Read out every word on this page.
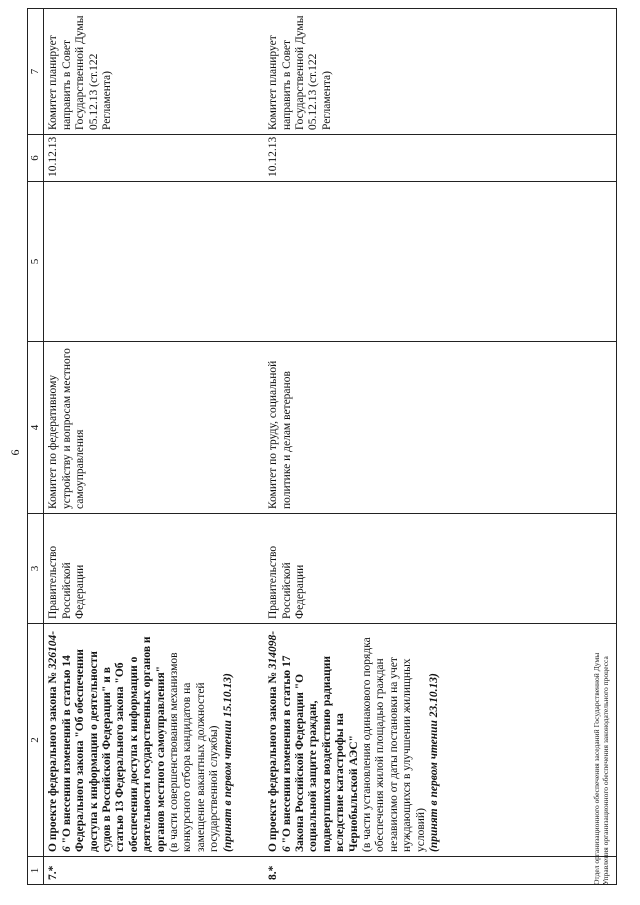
6
1	2	3	4	5	6	7
7.*	О проекте федерального закона № 326104-6 "О внесении изменений в статью 14 Федерального закона "Об обеспечении доступа к информации о деятельности судов в Российской Федерации" и в статью 13 Федерального закона "Об обеспечении доступа к информации о деятельности государственных органов и органов местного самоуправления"
(в части совершенствования механизмов конкурсного отбора кандидатов на замещение вакантных должностей государственной службы)
(принят в первом чтении 15.10.13)	Правительство Российской Федерации	Комитет по федеративному устройству и вопросам местного самоуправления		10.12.13	Комитет планирует направить в Совет Государственной Думы 05.12.13 (ст.122 Регламента)

8.*	О проекте федерального закона № 314098-6 "О внесении изменения в статью 17 Закона Российской Федерации "О социальной защите граждан, подвергшихся воздействию радиации вследствие катастрофы на Чернобыльской АЭС"
(в части установления одинакового порядка обеспечения жилой площадью граждан независимо от даты постановки на учет нуждающихся в улучшении жилищных условий)
(принят в первом чтении 23.10.13)	Правительство Российской Федерации	Комитет по труду, социальной политике и делам ветеранов		10.12.13	Комитет планирует направить в Совет Государственной Думы 05.12.13 (ст.122 Регламента)

Отдел организационного обеспечения заседаний Государственной Думы Управления организационного обеспечения законодательного процесса
